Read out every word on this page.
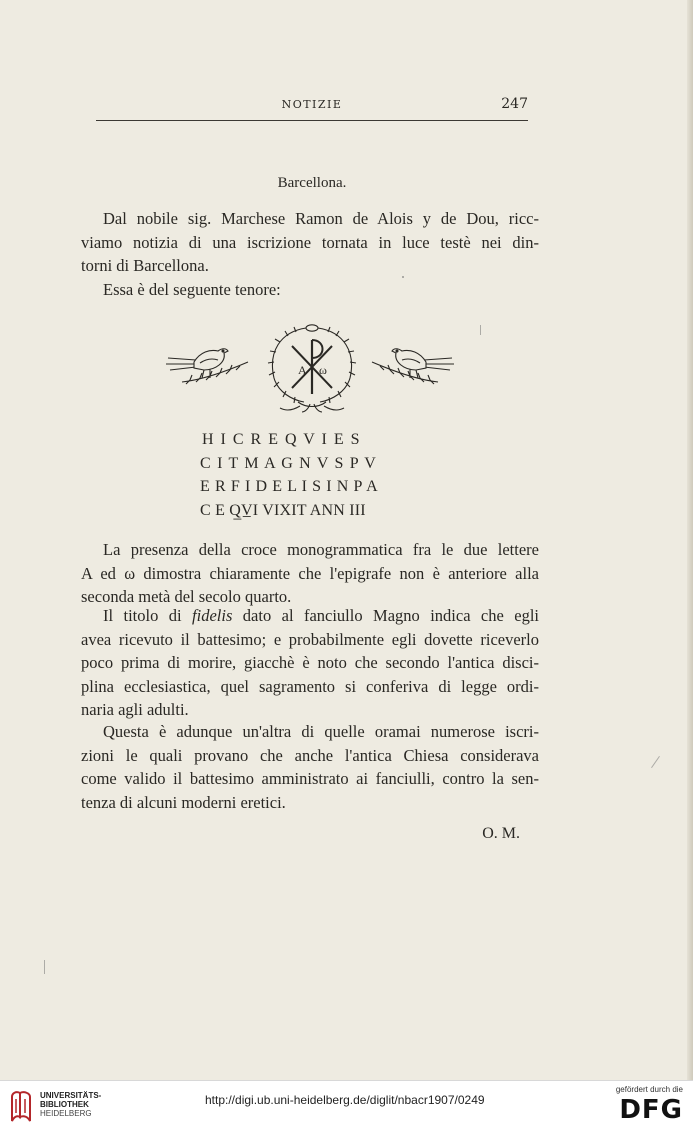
NOTIZIE	247
Barcellona.

Dal nobile sig. Marchese Ramon de Alois y de Dou, ricc-
viamo notizia di una iscrizione tornata in luce testè nei din-
torni di Barcellona.

Essa è del seguente tenore:

A ω
H I C R E Q V I E S
C I T M A G N V S P V
E R F I D E L I S I N P A
C E Q̲V̲I VIXIT ANN III

La presenza della croce monogrammatica fra le due lettere
A ed ω dimostra chiaramente che l'epigrafe non è anteriore alla
seconda metà del secolo quarto.

Il titolo di fidelis dato al fanciullo Magno indica che egli
avea ricevuto il battesimo; e probabilmente egli dovette riceverlo
poco prima di morire, giacchè è noto che secondo l'antica disci-
plina ecclesiastica, quel sagramento si conferiva di legge ordi-
naria agli adulti.

Questa è adunque un'altra di quelle oramai numerose iscri-
zioni le quali provano che anche l'antica Chiesa considerava
come valido il battesimo amministrato ai fanciulli, contro la sen-
tenza di alcuni moderni eretici.

O. M.
UNIVERSITÄTS-
BIBLIOTHEK
HEIDELBERG
http://digi.ub.uni-heidelberg.de/diglit/nbacr1907/0249
gefördert durch die
DFG
